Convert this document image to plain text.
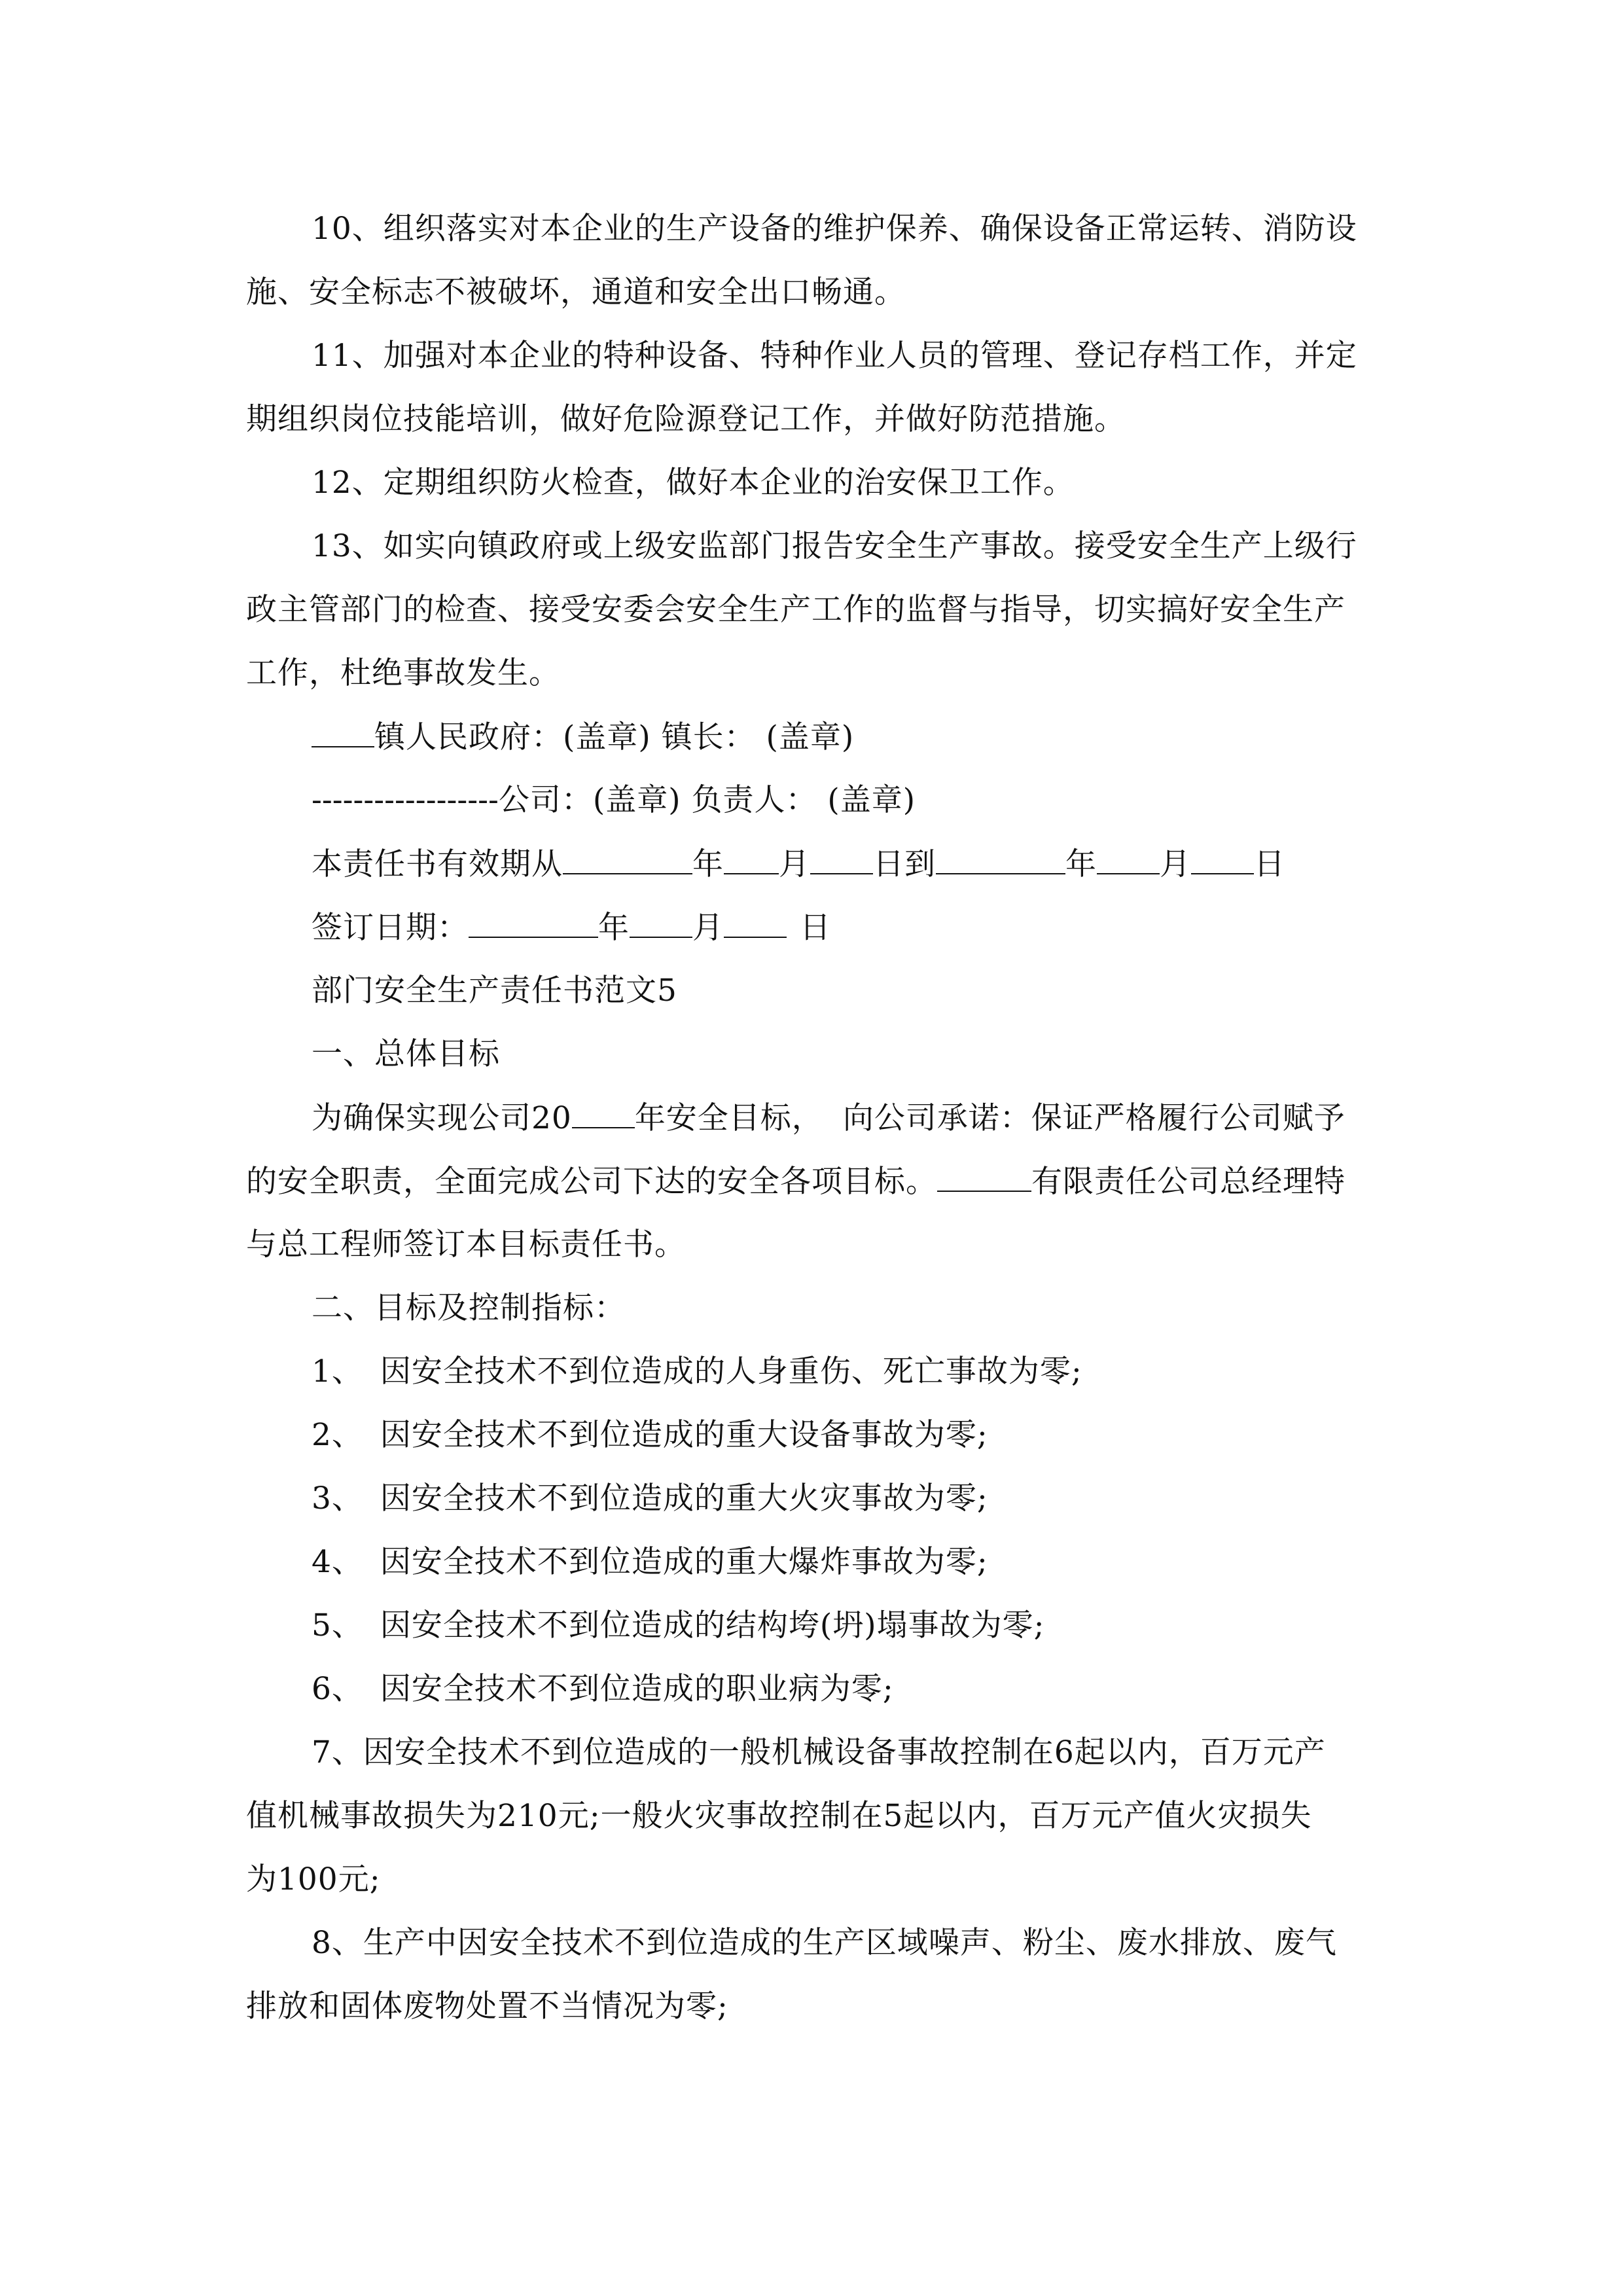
10、组织落实对本企业的生产设备的维护保养、确保设备正常运转、消防设
施、安全标志不被破坏，通道和安全出口畅通。
11、加强对本企业的特种设备、特种作业人员的管理、登记存档工作，并定
期组织岗位技能培训，做好危险源登记工作，并做好防范措施。
12、定期组织防火检查，做好本企业的治安保卫工作。
13、如实向镇政府或上级安监部门报告安全生产事故。接受安全生产上级行
政主管部门的检查、接受安委会安全生产工作的监督与指导，切实搞好安全生产
工作，杜绝事故发生。
镇人民政府：(盖章) 镇长： (盖章)
------------------公司：(盖章) 负责人： (盖章)
本责任书有效期从	年 月 日到	年 月 日
签订日期：	年 月 日
部门安全生产责任书范文5
一、总体目标
为确保实现公司20 年安全目标， 向公司承诺：保证严格履行公司赋予
的安全职责，全面完成公司下达的安全各项目标。	有限责任公司总经理特
与总工程师签订本目标责任书。
二、目标及控制指标：
1、 因安全技术不到位造成的人身重伤、死亡事故为零;
2、 因安全技术不到位造成的重大设备事故为零;
3、 因安全技术不到位造成的重大火灾事故为零;
4、 因安全技术不到位造成的重大爆炸事故为零;
5、 因安全技术不到位造成的结构垮(坍)塌事故为零;
6、 因安全技术不到位造成的职业病为零;
7、因安全技术不到位造成的一般机械设备事故控制在6起以内，百万元产
值机械事故损失为210元;一般火灾事故控制在5起以内，百万元产值火灾损失
为100元;
8、生产中因安全技术不到位造成的生产区域噪声、粉尘、废水排放、废气
排放和固体废物处置不当情况为零;
